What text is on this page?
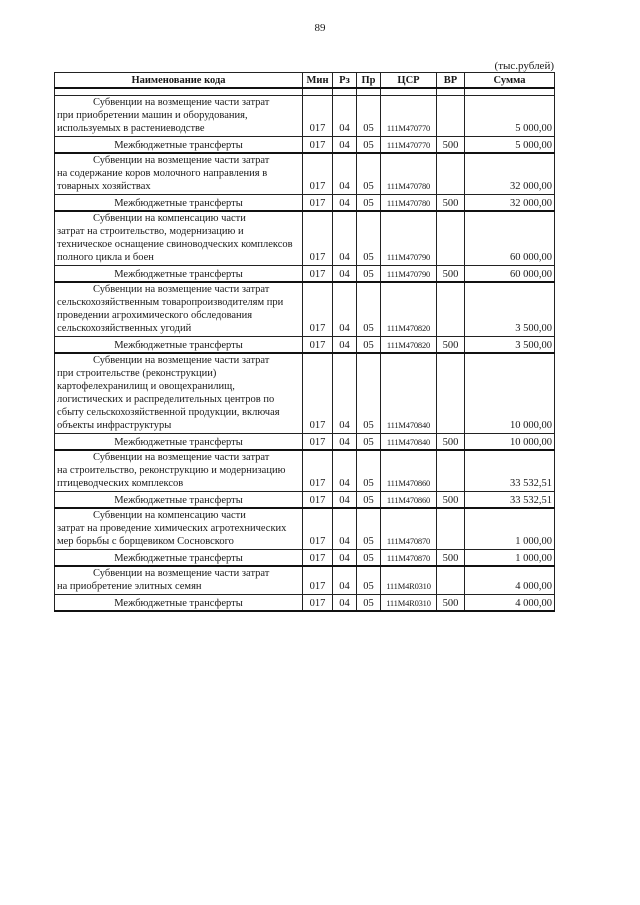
89
(тыс.рублей)
Наименование кода	Мин	Рз	Пр	ЦСР	ВР	Сумма

Субвенции на возмещение части затрат
при приобретении машин и оборудования, используемых в растениеводстве	017	04	05	111M470770		5 000,00
Межбюджетные трансферты	017	04	05	111M470770	500	5 000,00

Субвенции на возмещение части затрат
на содержание коров молочного направления в товарных хозяйствах	017	04	05	111M470780		32 000,00
Межбюджетные трансферты	017	04	05	111M470780	500	32 000,00

Субвенции на компенсацию части
затрат на строительство, модернизацию и техническое оснащение свиноводческих комплексов полного цикла и боен	017	04	05	111M470790		60 000,00
Межбюджетные трансферты	017	04	05	111M470790	500	60 000,00

Субвенции на возмещение части затрат
сельскохозяйственным товаропроизводителям при проведении агрохимического обследования сельскохозяйственных угодий	017	04	05	111M470820		3 500,00
Межбюджетные трансферты	017	04	05	111M470820	500	3 500,00

Субвенции на возмещение части затрат
при строительстве (реконструкции) картофелехранилищ и овощехранилищ, логистических и распределительных центров по сбыту сельскохозяйственной продукции, включая объекты инфраструктуры	017	04	05	111M470840		10 000,00
Межбюджетные трансферты	017	04	05	111M470840	500	10 000,00

Субвенции на возмещение части затрат
на строительство, реконструкцию и модернизацию птицеводческих комплексов	017	04	05	111M470860		33 532,51
Межбюджетные трансферты	017	04	05	111M470860	500	33 532,51

Субвенции на компенсацию части
затрат на проведение химических агротехнических мер борьбы с борщевиком Сосновского	017	04	05	111M470870		1 000,00
Межбюджетные трансферты	017	04	05	111M470870	500	1 000,00

Субвенции на возмещение части затрат
на приобретение элитных семян	017	04	05	111M4R0310		4 000,00
Межбюджетные трансферты	017	04	05	111M4R0310	500	4 000,00
